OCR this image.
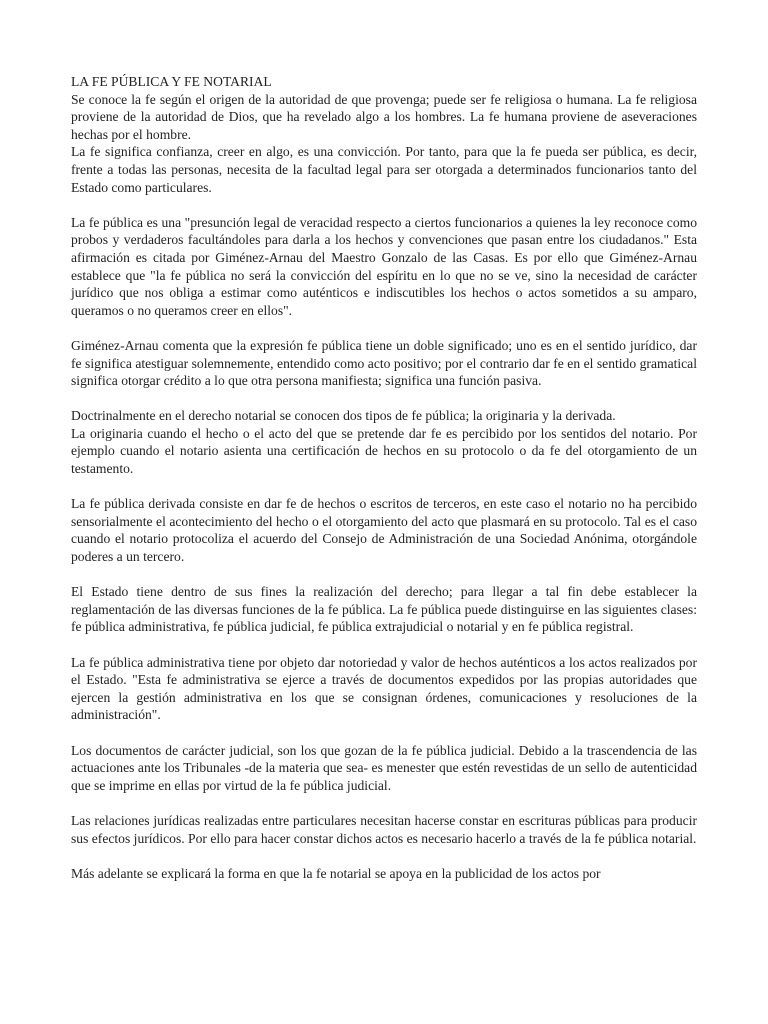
LA FE PÚBLICA Y FE NOTARIAL

Se conoce la fe según el origen de la autoridad de que provenga; puede ser fe religiosa o humana. La fe religiosa proviene de la autoridad de Dios, que ha revelado algo a los hombres. La fe humana proviene de aseveraciones hechas por el hombre.

La fe significa confianza, creer en algo, es una convicción. Por tanto, para que la fe pueda ser pública, es decir, frente a todas las personas, necesita de la facultad legal para ser otorgada a determinados funcionarios tanto del Estado como particulares.

La fe pública es una "presunción legal de veracidad respecto a ciertos funcionarios a quienes la ley reconoce como probos y verdaderos facultándoles para darla a los hechos y convenciones que pasan entre los ciudadanos." Esta afirmación es citada por Giménez-Arnau del Maestro Gonzalo de las Casas. Es por ello que Giménez-Arnau establece que "la fe pública no será la convicción del espíritu en lo que no se ve, sino la necesidad de carácter jurídico que nos obliga a estimar como auténticos e indiscutibles los hechos o actos sometidos a su amparo, queramos o no queramos creer en ellos".

Giménez-Arnau comenta que la expresión fe pública tiene un doble significado; uno es en el sentido jurídico, dar fe significa atestiguar solemnemente, entendido como acto positivo; por el contrario dar fe en el sentido gramatical significa otorgar crédito a lo que otra persona manifiesta; significa una función pasiva.

Doctrinalmente en el derecho notarial se conocen dos tipos de fe pública; la originaria y la derivada.

La originaria cuando el hecho o el acto del que se pretende dar fe es percibido por los sentidos del notario. Por ejemplo cuando el notario asienta una certificación de hechos en su protocolo o da fe del otorgamiento de un testamento.

La fe pública derivada consiste en dar fe de hechos o escritos de terceros, en este caso el notario no ha percibido sensorialmente el acontecimiento del hecho o el otorgamiento del acto que plasmará en su protocolo. Tal es el caso cuando el notario protocoliza el acuerdo del Consejo de Administración de una Sociedad Anónima, otorgándole poderes a un tercero.

El Estado tiene dentro de sus fines la realización del derecho; para llegar a tal fin debe establecer la reglamentación de las diversas funciones de la fe pública. La fe pública puede distinguirse en las siguientes clases: fe pública administrativa, fe pública judicial, fe pública extrajudicial o notarial y en fe pública registral.

La fe pública administrativa tiene por objeto dar notoriedad y valor de hechos auténticos a los actos realizados por el Estado. "Esta fe administrativa se ejerce a través de documentos expedidos por las propias autoridades que ejercen la gestión administrativa en los que se consignan órdenes, comunicaciones y resoluciones de la administración".

Los documentos de carácter judicial, son los que gozan de la fe pública judicial. Debido a la trascendencia de las actuaciones ante los Tribunales -de la materia que sea- es menester que estén revestidas de un sello de autenticidad que se imprime en ellas por virtud de la fe pública judicial.

Las relaciones jurídicas realizadas entre particulares necesitan hacerse constar en escrituras públicas para producir sus efectos jurídicos. Por ello para hacer constar dichos actos es necesario hacerlo a través de la fe pública notarial.

Más adelante se explicará la forma en que la fe notarial se apoya en la publicidad de los actos por
